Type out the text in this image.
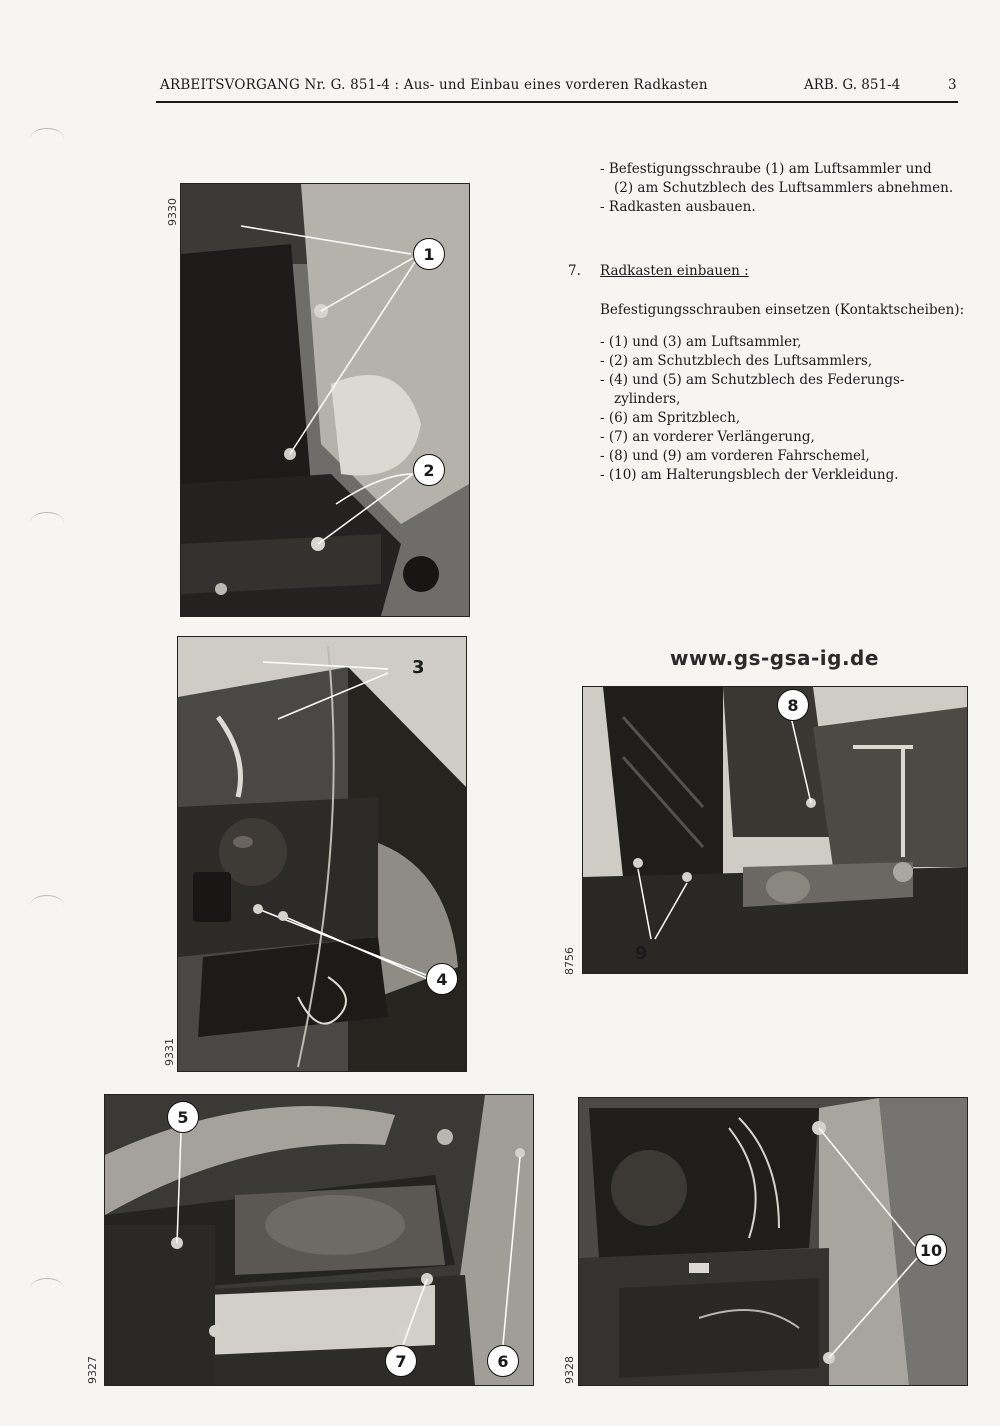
ARBEITSVORGANG Nr. G. 851-4 : Aus- und Einbau eines vorderen Radkasten	ARB. G. 851-4	3
- Befestigungsschraube (1) am Luftsammler und
(2) am Schutzblech des Luftsammlers abnehmen.
- Radkasten ausbauen.
7. Radkasten einbauen :
Befestigungsschrauben einsetzen (Kontaktscheiben):
- (1) und (3) am Luftsammler,
- (2) am Schutzblech des Luftsammlers,
- (4) und (5) am Schutzblech des Federungs-
zylinders,
- (6) am Spritzblech,
- (7) an vorderer Verlängerung,
- (8) und (9) am vorderen Fahrschemel,
- (10) am Halterungsblech der Verkleidung.
www.gs-gsa-ig.de
9330
1
2
9331
3
4
8756
8
9
9327
5
7	6	9328
10
